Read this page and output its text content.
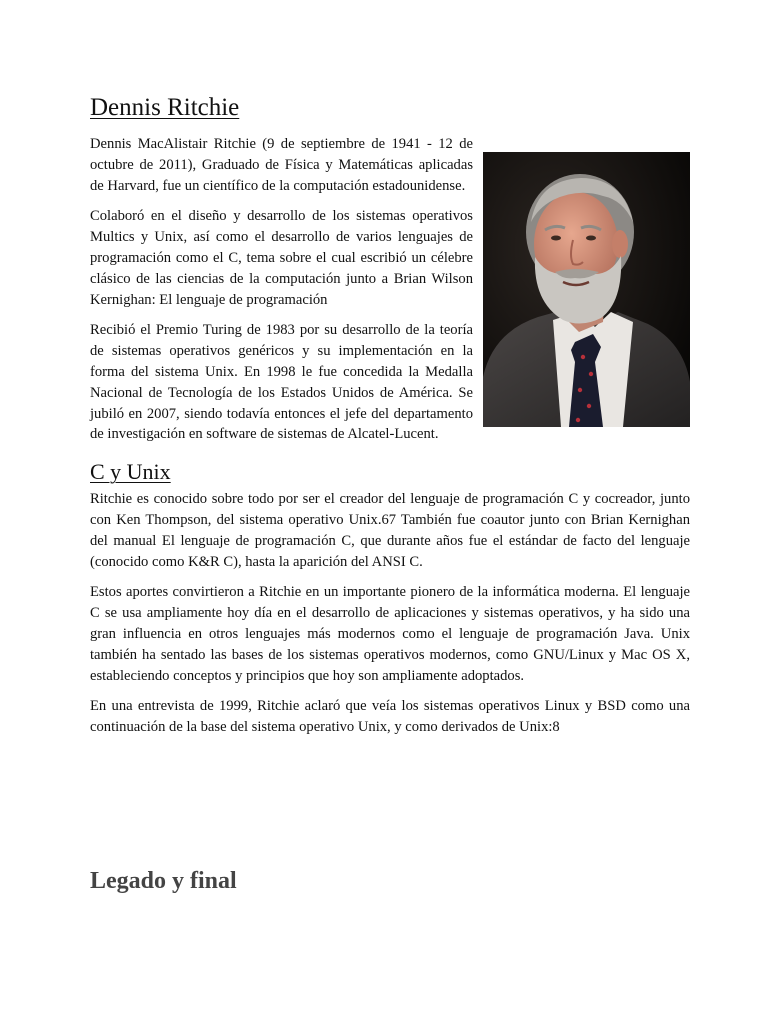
Dennis Ritchie

Dennis MacAlistair Ritchie (9 de septiembre de 1941 - 12 de octubre de 2011), Graduado de Física y Matemáticas aplicadas de Harvard, fue un científico de la computación estadounidense.

Colaboró en el diseño y desarrollo de los sistemas operativos Multics y Unix, así como el desarrollo de varios lenguajes de programación como el C, tema sobre el cual escribió un célebre clásico de las ciencias de la computación junto a Brian Wilson Kernighan: El lenguaje de programación

Recibió el Premio Turing de 1983 por su desarrollo de la teoría de sistemas operativos genéricos y su implementación en la forma del sistema Unix. En 1998 le fue concedida la Medalla Nacional de Tecnología de los Estados Unidos de América. Se jubiló en 2007, siendo todavía entonces el jefe del departamento de investigación en software de sistemas de Alcatel-Lucent.

C y Unix

Ritchie es conocido sobre todo por ser el creador del lenguaje de programación C y cocreador, junto con Ken Thompson, del sistema operativo Unix.67 También fue coautor junto con Brian Kernighan del manual El lenguaje de programación C, que durante años fue el estándar de facto del lenguaje (conocido como K&R C), hasta la aparición del ANSI C.

Estos aportes convirtieron a Ritchie en un importante pionero de la informática moderna. El lenguaje C se usa ampliamente hoy día en el desarrollo de aplicaciones y sistemas operativos, y ha sido una gran influencia en otros lenguajes más modernos como el lenguaje de programación Java. Unix también ha sentado las bases de los sistemas operativos modernos, como GNU/Linux y Mac OS X, estableciendo conceptos y principios que hoy son ampliamente adoptados.

En una entrevista de 1999, Ritchie aclaró que veía los sistemas operativos Linux y BSD como una continuación de la base del sistema operativo Unix, y como derivados de Unix:8

Legado y final
